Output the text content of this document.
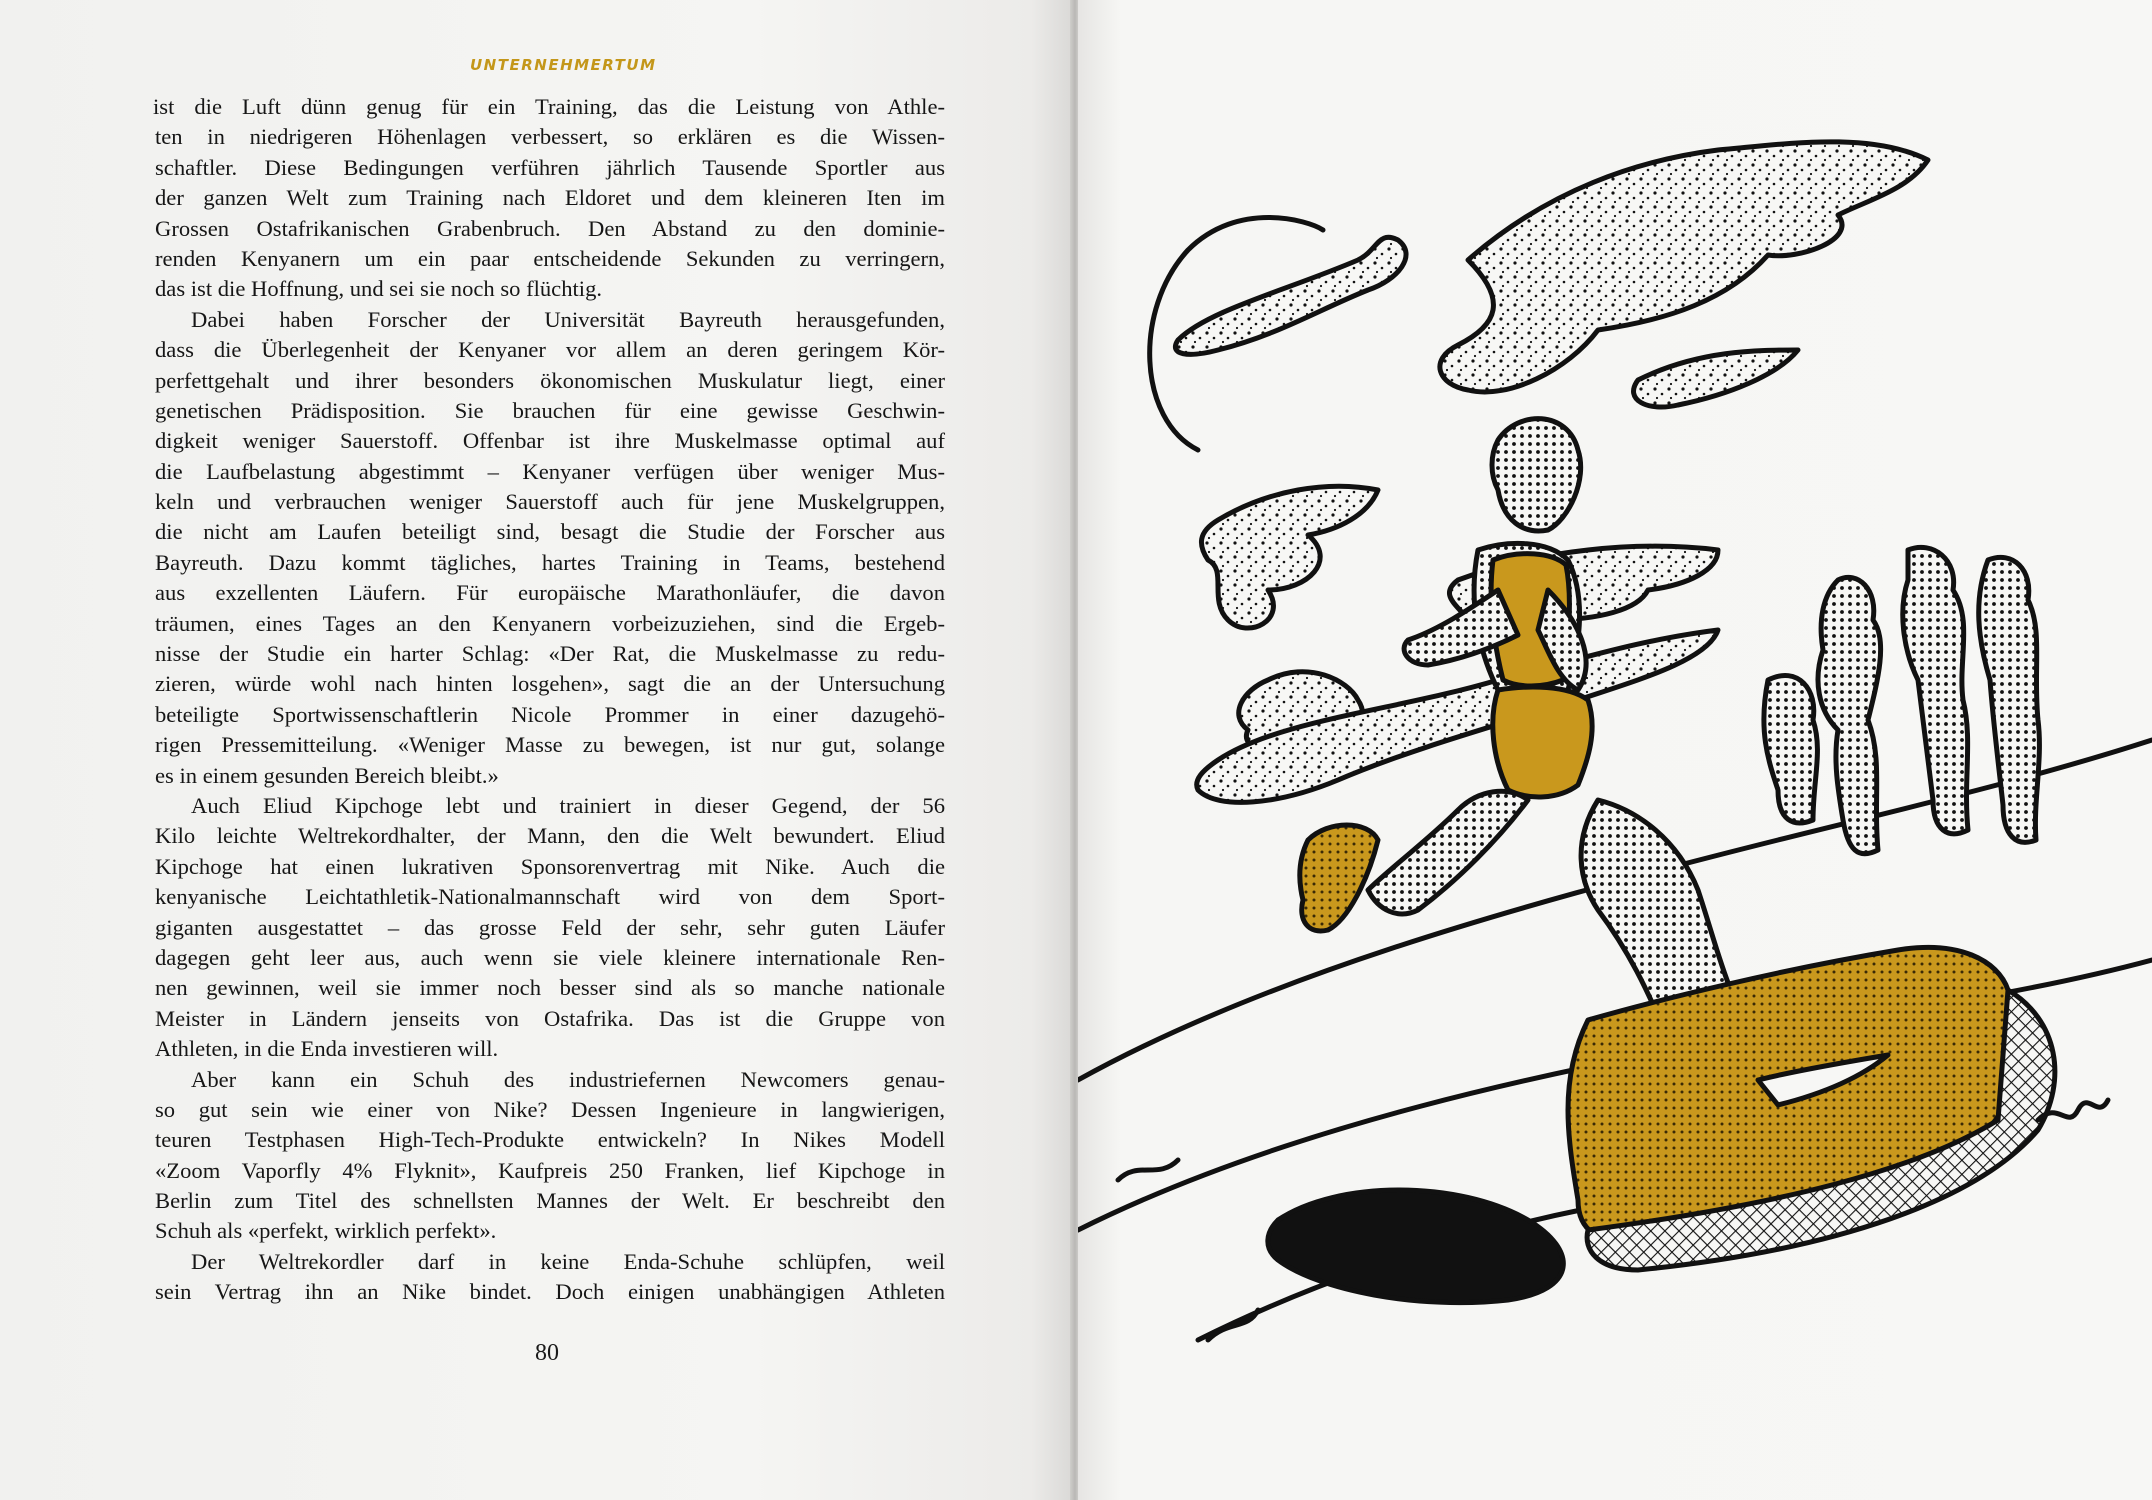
UNTERNEHMERTUM
ist die Luft dünn genug für ein Training, das die Leistung von Athle-
ten in niedrigeren Höhenlagen verbessert, so erklären es die Wissen-
schaftler. Diese Bedingungen verführen jährlich Tausende Sportler aus
der ganzen Welt zum Training nach Eldoret und dem kleineren Iten im
Grossen Ostafrikanischen Grabenbruch. Den Abstand zu den dominie-
renden Kenyanern um ein paar entscheidende Sekunden zu verringern,
das ist die Hoffnung, und sei sie noch so flüchtig.
Dabei haben Forscher der Universität Bayreuth herausgefunden,
dass die Überlegenheit der Kenyaner vor allem an deren geringem Kör-
perfettgehalt und ihrer besonders ökonomischen Muskulatur liegt, einer
genetischen Prädisposition. Sie brauchen für eine gewisse Geschwin-
digkeit weniger Sauerstoff. Offenbar ist ihre Muskelmasse optimal auf
die Laufbelastung abgestimmt – Kenyaner verfügen über weniger Mus-
keln und verbrauchen weniger Sauerstoff auch für jene Muskelgruppen,
die nicht am Laufen beteiligt sind, besagt die Studie der Forscher aus
Bayreuth. Dazu kommt tägliches, hartes Training in Teams, bestehend
aus exzellenten Läufern. Für europäische Marathonläufer, die davon
träumen, eines Tages an den Kenyanern vorbeizuziehen, sind die Ergeb-
nisse der Studie ein harter Schlag: «Der Rat, die Muskelmasse zu redu-
zieren, würde wohl nach hinten losgehen», sagt die an der Untersuchung
beteiligte Sportwissenschaftlerin Nicole Prommer in einer dazugehö-
rigen Pressemitteilung. «Weniger Masse zu bewegen, ist nur gut, solange
es in einem gesunden Bereich bleibt.»
Auch Eliud Kipchoge lebt und trainiert in dieser Gegend, der 56
Kilo leichte Weltrekordhalter, der Mann, den die Welt bewundert. Eliud
Kipchoge hat einen lukrativen Sponsorenvertrag mit Nike. Auch die
kenyanische Leichtathletik-Nationalmannschaft wird von dem Sport-
giganten ausgestattet – das grosse Feld der sehr, sehr guten Läufer
dagegen geht leer aus, auch wenn sie viele kleinere internationale Ren-
nen gewinnen, weil sie immer noch besser sind als so manche nationale
Meister in Ländern jenseits von Ostafrika. Das ist die Gruppe von
Athleten, in die Enda investieren will.
Aber kann ein Schuh des industriefernen Newcomers genau-
so gut sein wie einer von Nike? Dessen Ingenieure in langwierigen,
teuren Testphasen High-Tech-Produkte entwickeln? In Nikes Modell
«Zoom Vaporfly 4% Flyknit», Kaufpreis 250 Franken, lief Kipchoge in
Berlin zum Titel des schnellsten Mannes der Welt. Er beschreibt den
Schuh als «perfekt, wirklich perfekt».
Der Weltrekordler darf in keine Enda-Schuhe schlüpfen, weil
sein Vertrag ihn an Nike bindet. Doch einigen unabhängigen Athleten
80
